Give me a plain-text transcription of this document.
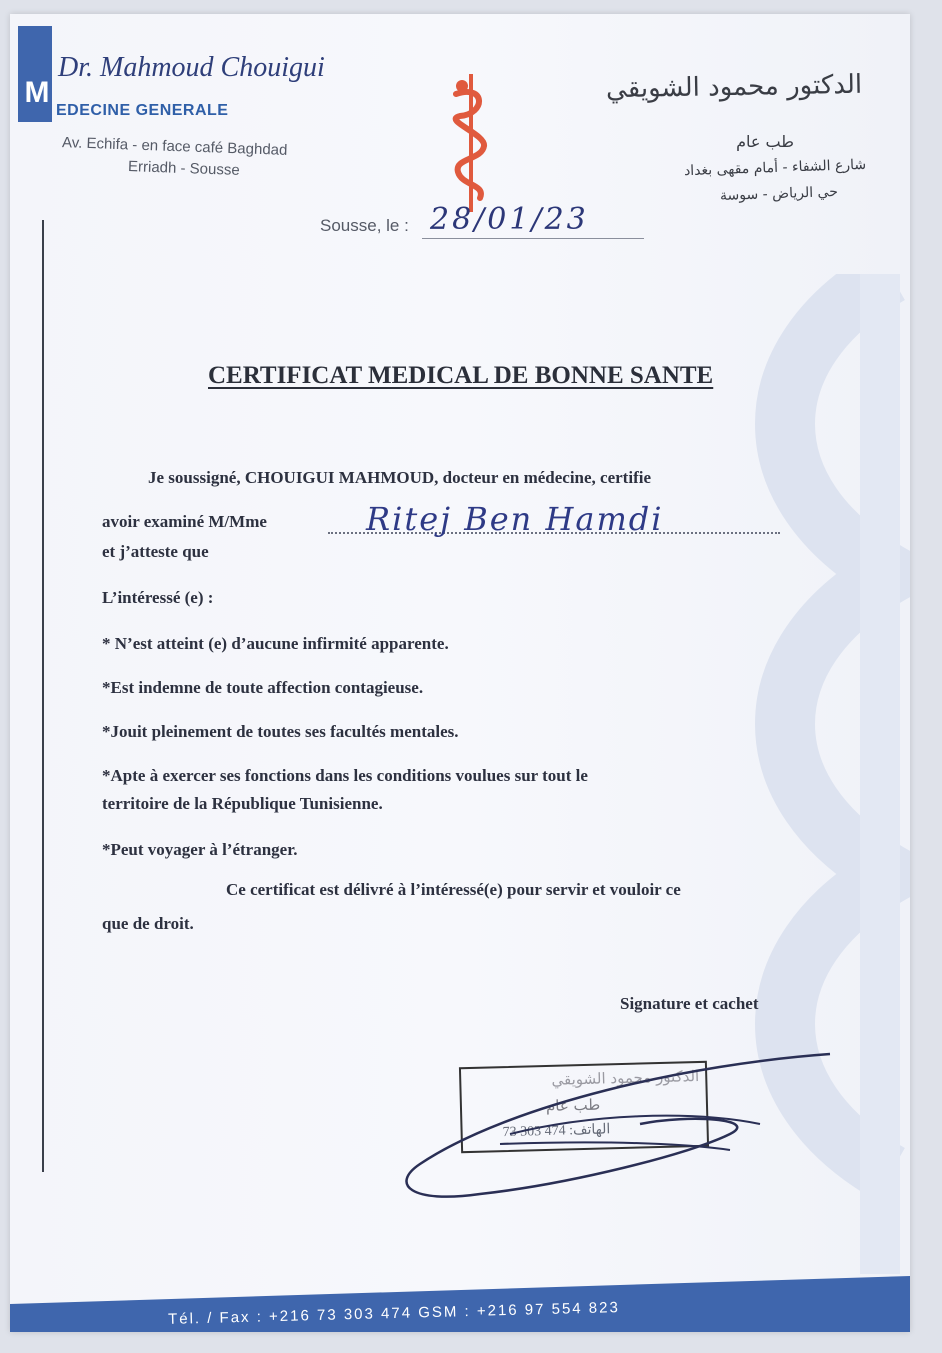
M
Dr. Mahmoud Chouigui
EDECINE GENERALE
Av. Echifa - en face café Baghdad
Erriadh - Sousse
الدكتور محمود الشويقي
طب عام
شارع الشفاء - أمام مقهى بغداد
حي الرياض - سوسة
Sousse, le : 28/01/23
CERTIFICAT MEDICAL DE BONNE SANTE
Je soussigné, CHOUIGUI MAHMOUD, docteur en médecine, certifie
avoir examiné M/Mme	Ritej Ben Hamdi
et j’atteste que
L’intéressé (e) :
* N’est atteint (e) d’aucune infirmité apparente.
*Est indemne de toute affection contagieuse.
*Jouit pleinement de toutes ses facultés mentales.
*Apte à exercer ses fonctions dans les conditions voulues sur tout le
territoire de la République Tunisienne.
*Peut voyager à l’étranger.
Ce certificat est délivré à l’intéressé(e) pour servir et vouloir ce
que de droit.
Signature et cachet
الدكتور محمود الشويقي
طب عام
73 303 474 :الهاتف
Tél. / Fax : +216 73 303 474 GSM : +216 97 554 823
